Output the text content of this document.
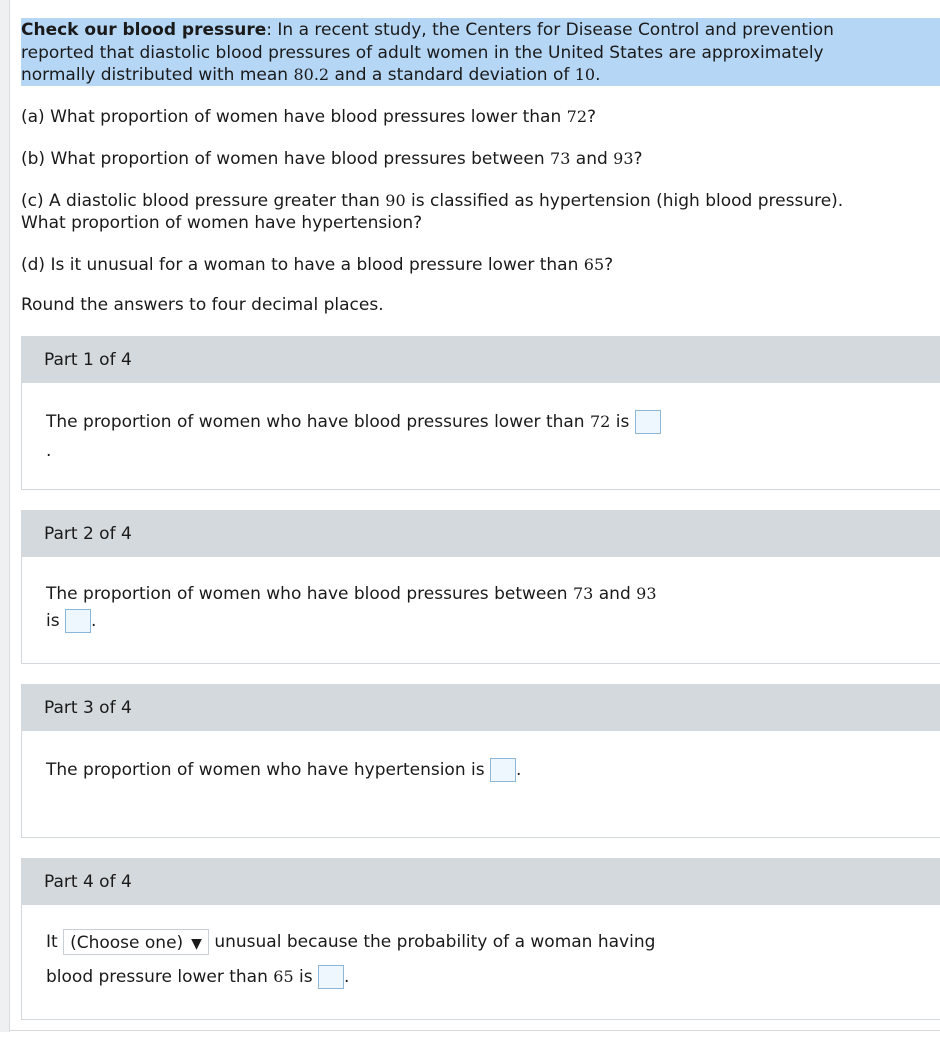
Check our blood pressure: In a recent study, the Centers for Disease Control and prevention
reported that diastolic blood pressures of adult women in the United States are approximately
normally distributed with mean 80.2 and a standard deviation of 10.
(a) What proportion of women have blood pressures lower than 72?
(b) What proportion of women have blood pressures between 73 and 93?
(c) A diastolic blood pressure greater than 90 is classified as hypertension (high blood pressure).
What proportion of women have hypertension?
(d) Is it unusual for a woman to have a blood pressure lower than 65?
Round the answers to four decimal places.
Part 1 of 4
The proportion of women who have blood pressures lower than 72 is
.
Part 2 of 4
The proportion of women who have blood pressures between 73 and 93
is .
Part 3 of 4
The proportion of women who have hypertension is .
Part 4 of 4
It (Choose one) ▼ unusual because the probability of a woman having
blood pressure lower than 65 is .
